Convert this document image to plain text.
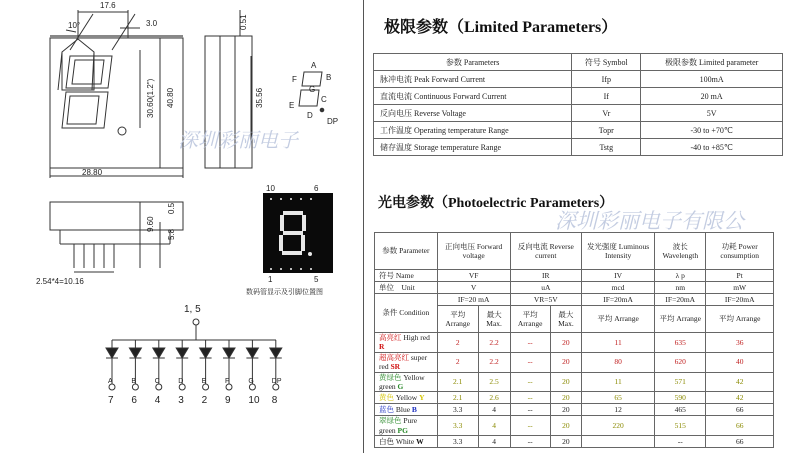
A
7
B
6
C
4
D
3
E
2
F
9
G
10
DP
8
17.6
10°	3.0
28.80
2.54*4=10.16
40.80
30.60(1.2")
0.51
35.56
9.60
5.8
0.5
A
B
C
D
E
F
G
DP
10	6
1	5
数码管显示及引脚位置图
1, 5
极限参数（Limited Parameters）
参数 Parameters	符号 Symbol	极限参数 Limited parameter
脉冲电流 Peak Forward Current	Ifp	100mA
直流电流 Continuous Forward Current	If	20 mA
反向电压 Reverse Voltage	Vr	5V
工作温度 Operating temperature Range	Topr	-30 to +70℃
储存温度 Storage temperature Range	Tstg	-40 to +85℃
光电参数（Photoelectric Parameters）
参数 Parameter	正向电压 Forward voltage		反向电流 Reverse current		发光强度 Luminous Intensity	波长 Wavelength	功耗 Power consumption
符号 Name	VF		IR		IV	λ p	Pt
单位　Unit	V		uA		mcd	nm	mW
条件 Condition	IF=20 mA		VR=5V		IF=20mA	IF=20mA	IF=20mA
	平均 Arrange	最大 Max.	平均 Arrange	最大 Max.	平均 Arrange	平均 Arrange	平均 Arrange
高亮红 High red R	2	2.2	--	20	11	635	36
超高亮红 super red SR	2	2.2	--	20	80	620	40
黄绿色 Yellow green G	2.1	2.5	--	20	11	571	42
黄色 Yellow Y	2.1	2.6	--	20	65	590	42
蓝色 Blue B	3.3	4	--	20	12	465	66
翠绿色 Pure green PG	3.3	4	--	20	220	515	66
白色 White W	3.3	4	--	20		--	66
深圳彩丽电子
深圳彩丽电子有限公
